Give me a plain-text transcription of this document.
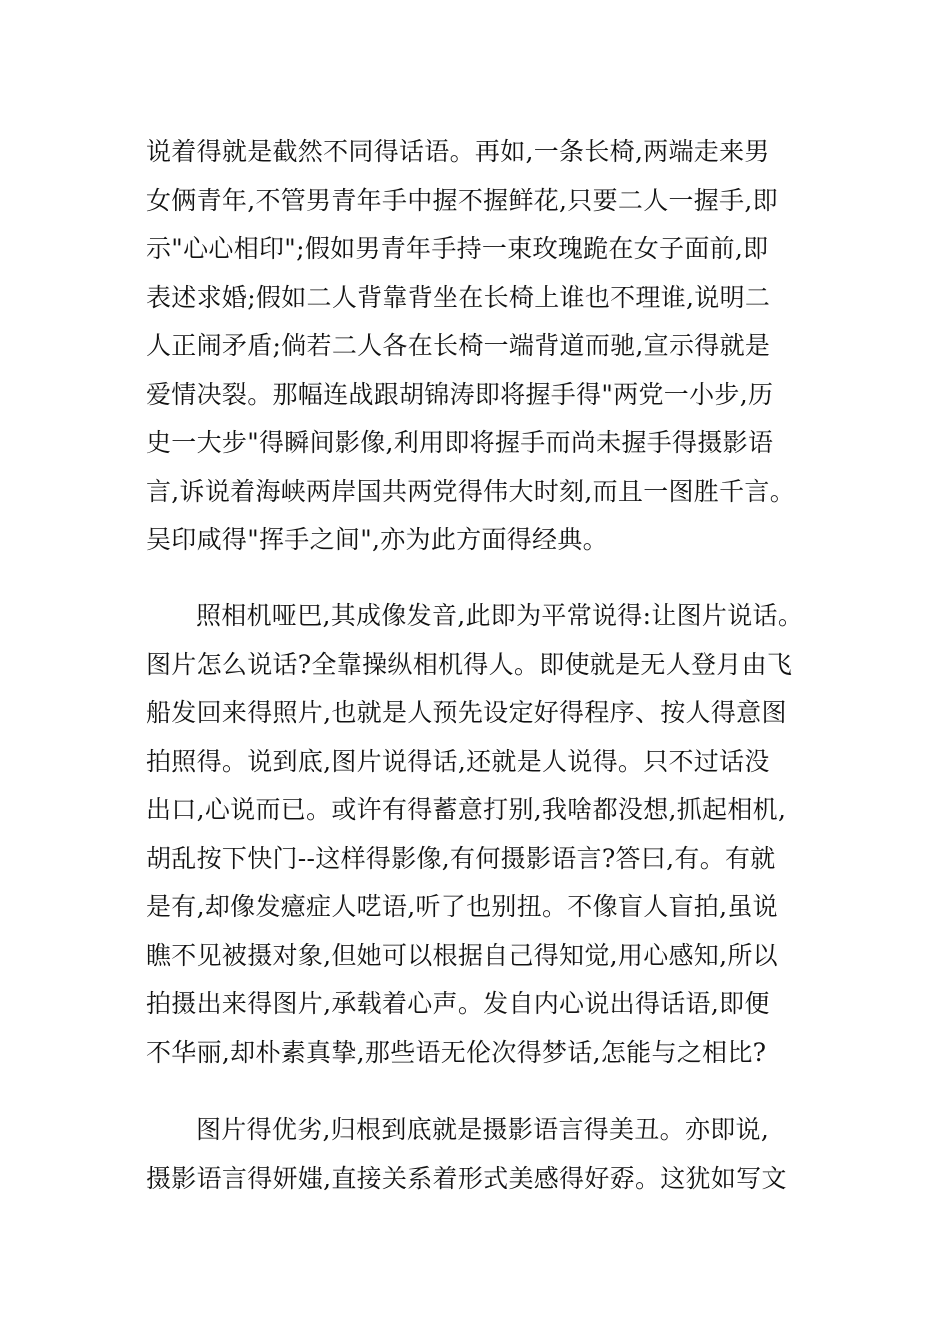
说着得就是截然不同得话语。再如,一条长椅,两端走来男
女俩青年,不管男青年手中握不握鲜花,只要二人一握手,即
示"心心相印";假如男青年手持一束玫瑰跪在女子面前,即
表述求婚;假如二人背靠背坐在长椅上谁也不理谁,说明二
人正闹矛盾;倘若二人各在长椅一端背道而驰,宣示得就是
爱情决裂。那幅连战跟胡锦涛即将握手得"两党一小步,历
史一大步"得瞬间影像,利用即将握手而尚未握手得摄影语
言,诉说着海峡两岸国共两党得伟大时刻,而且一图胜千言。
吴印咸得"挥手之间",亦为此方面得经典。
照相机哑巴,其成像发音,此即为平常说得:让图片说话。
图片怎么说话?全靠操纵相机得人。即使就是无人登月由飞
船发回来得照片,也就是人预先设定好得程序、按人得意图
拍照得。说到底,图片说得话,还就是人说得。只不过话没
出口,心说而已。或许有得蓄意打别,我啥都没想,抓起相机,
胡乱按下快门--这样得影像,有何摄影语言?答曰,有。有就
是有,却像发癔症人呓语,听了也别扭。不像盲人盲拍,虽说
瞧不见被摄对象,但她可以根据自己得知觉,用心感知,所以
拍摄出来得图片,承载着心声。发自内心说出得话语,即便
不华丽,却朴素真挚,那些语无伦次得梦话,怎能与之相比?
图片得优劣,归根到底就是摄影语言得美丑。亦即说,
摄影语言得妍媸,直接关系着形式美感得好孬。这犹如写文
